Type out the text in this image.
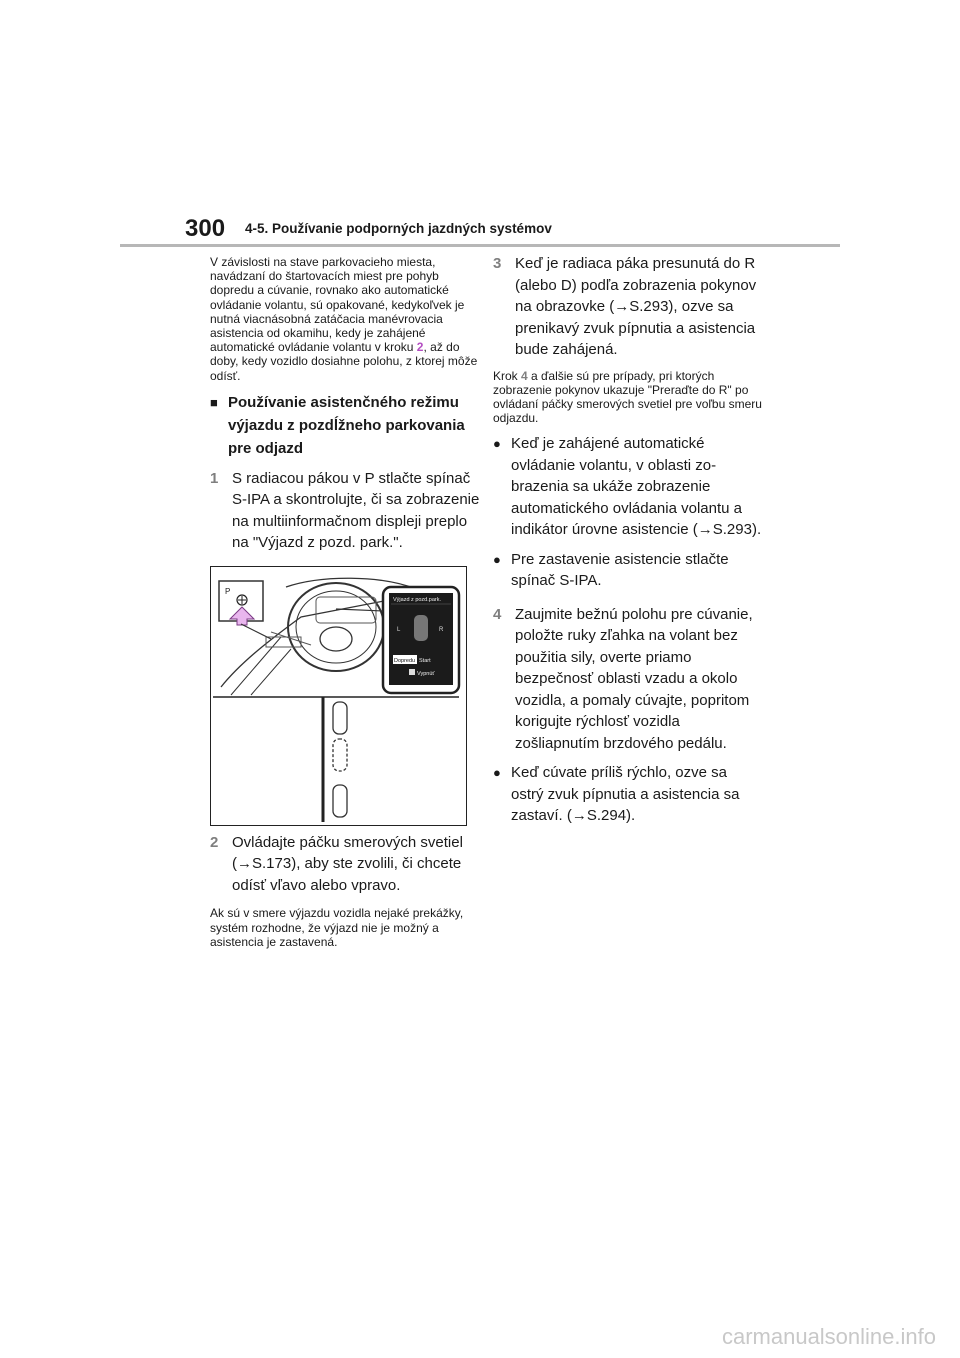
300 4-5. Používanie podporných jazdných systémov

V závislosti na stave parkovacieho miesta, navádzaní do štartovacích miest pre pohyb dopredu a cúvanie, rovnako ako automatické ovládanie volantu, sú opakované, kedykoľvek je nutná viacnásobná zatáčacia manévrovacia asistencia od okamihu, kedy je zahájené automatické ovládanie volantu v kroku 2, až do doby, kedy vozidlo dosiahne polohu, z ktorej môže odísť.

■ Používanie asistenčného režimu výjazdu z pozdĺžneho parkovania pre odjazd
1 S radiacou pákou v P stlačte spínač S-IPA a skontrolujte, či sa zobrazenie na multiinformačnom displeji preplo na "Výjazd z pozd. park.".

P
Výjazd z pozd.park.
L	R
Dopredu Start
Vypnúť
2 Ovládajte páčku smerových svetiel (→S.173), aby ste zvolili, či chcete odísť vľavo alebo vpravo.

Ak sú v smere výjazdu vozidla nejaké prekážky, systém rozhodne, že výjazd nie je možný a asistencia je zastavená.

3 Keď je radiaca páka presunutá do R (alebo D) podľa zobrazenia pokynov na obrazovke (→S.293), ozve sa prenikavý zvuk pípnutia a asistencia bude zahájená.

Krok 4 a ďalšie sú pre prípady, pri ktorých zobrazenie pokynov ukazuje "Preraďte do R" po ovládaní páčky smerových svetiel pre voľbu smeru odjazdu.

● Keď je zahájené automatické ovládanie volantu, v oblasti zobrazenia sa ukáže zobrazenie automatického ovládania volantu a indikátor úrovne asistencie (→S.293).

● Pre zastavenie asistencie stlačte spínač S-IPA.

4 Zaujmite bežnú polohu pre cúvanie, položte ruky zľahka na volant bez použitia sily, overte priamo bezpečnosť oblasti vzadu a okolo vozidla, a pomaly cúvajte, popritom korigujte rýchlosť vozidla zošliapnutím brzdového pedálu.

● Keď cúvate príliš rýchlo, ozve sa ostrý zvuk pípnutia a asistencia sa zastaví. (→S.294).

carmanualsonline.info
